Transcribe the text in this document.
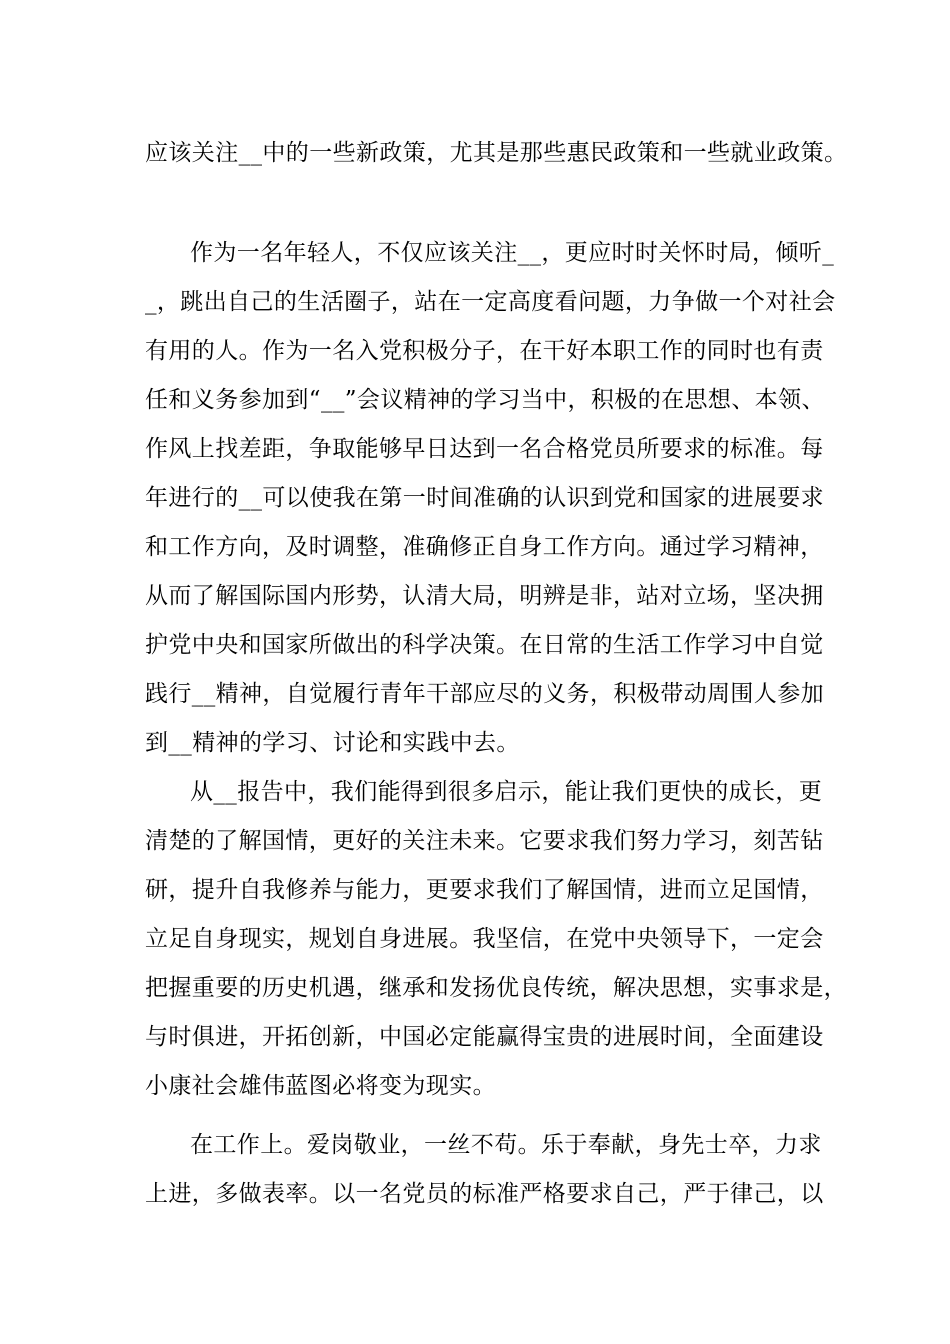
应该关注__中的一些新政策，尤其是那些惠民政策和一些就业政策。
作为一名年轻人，不仅应该关注__，更应时时关怀时局，倾听_
_，跳出自己的生活圈子，站在一定高度看问题，力争做一个对社会
有用的人。作为一名入党积极分子，在干好本职工作的同时也有责
任和义务参加到“__”会议精神的学习当中，积极的在思想、本领、
作风上找差距，争取能够早日达到一名合格党员所要求的标准。每
年进行的__可以使我在第一时间准确的认识到党和国家的进展要求
和工作方向，及时调整，准确修正自身工作方向。通过学习精神，
从而了解国际国内形势，认清大局，明辨是非，站对立场，坚决拥
护党中央和国家所做出的科学决策。在日常的生活工作学习中自觉
践行__精神，自觉履行青年干部应尽的义务，积极带动周围人参加
到__精神的学习、讨论和实践中去。
从__报告中，我们能得到很多启示，能让我们更快的成长，更
清楚的了解国情，更好的关注未来。它要求我们努力学习，刻苦钻
研，提升自我修养与能力，更要求我们了解国情，进而立足国情，
立足自身现实，规划自身进展。我坚信，在党中央领导下，一定会
把握重要的历史机遇，继承和发扬优良传统，解决思想，实事求是，
与时俱进，开拓创新，中国必定能赢得宝贵的进展时间，全面建设
小康社会雄伟蓝图必将变为现实。
在工作上。爱岗敬业，一丝不苟。乐于奉献，身先士卒，力求
上进，多做表率。以一名党员的标准严格要求自己，严于律己，以
